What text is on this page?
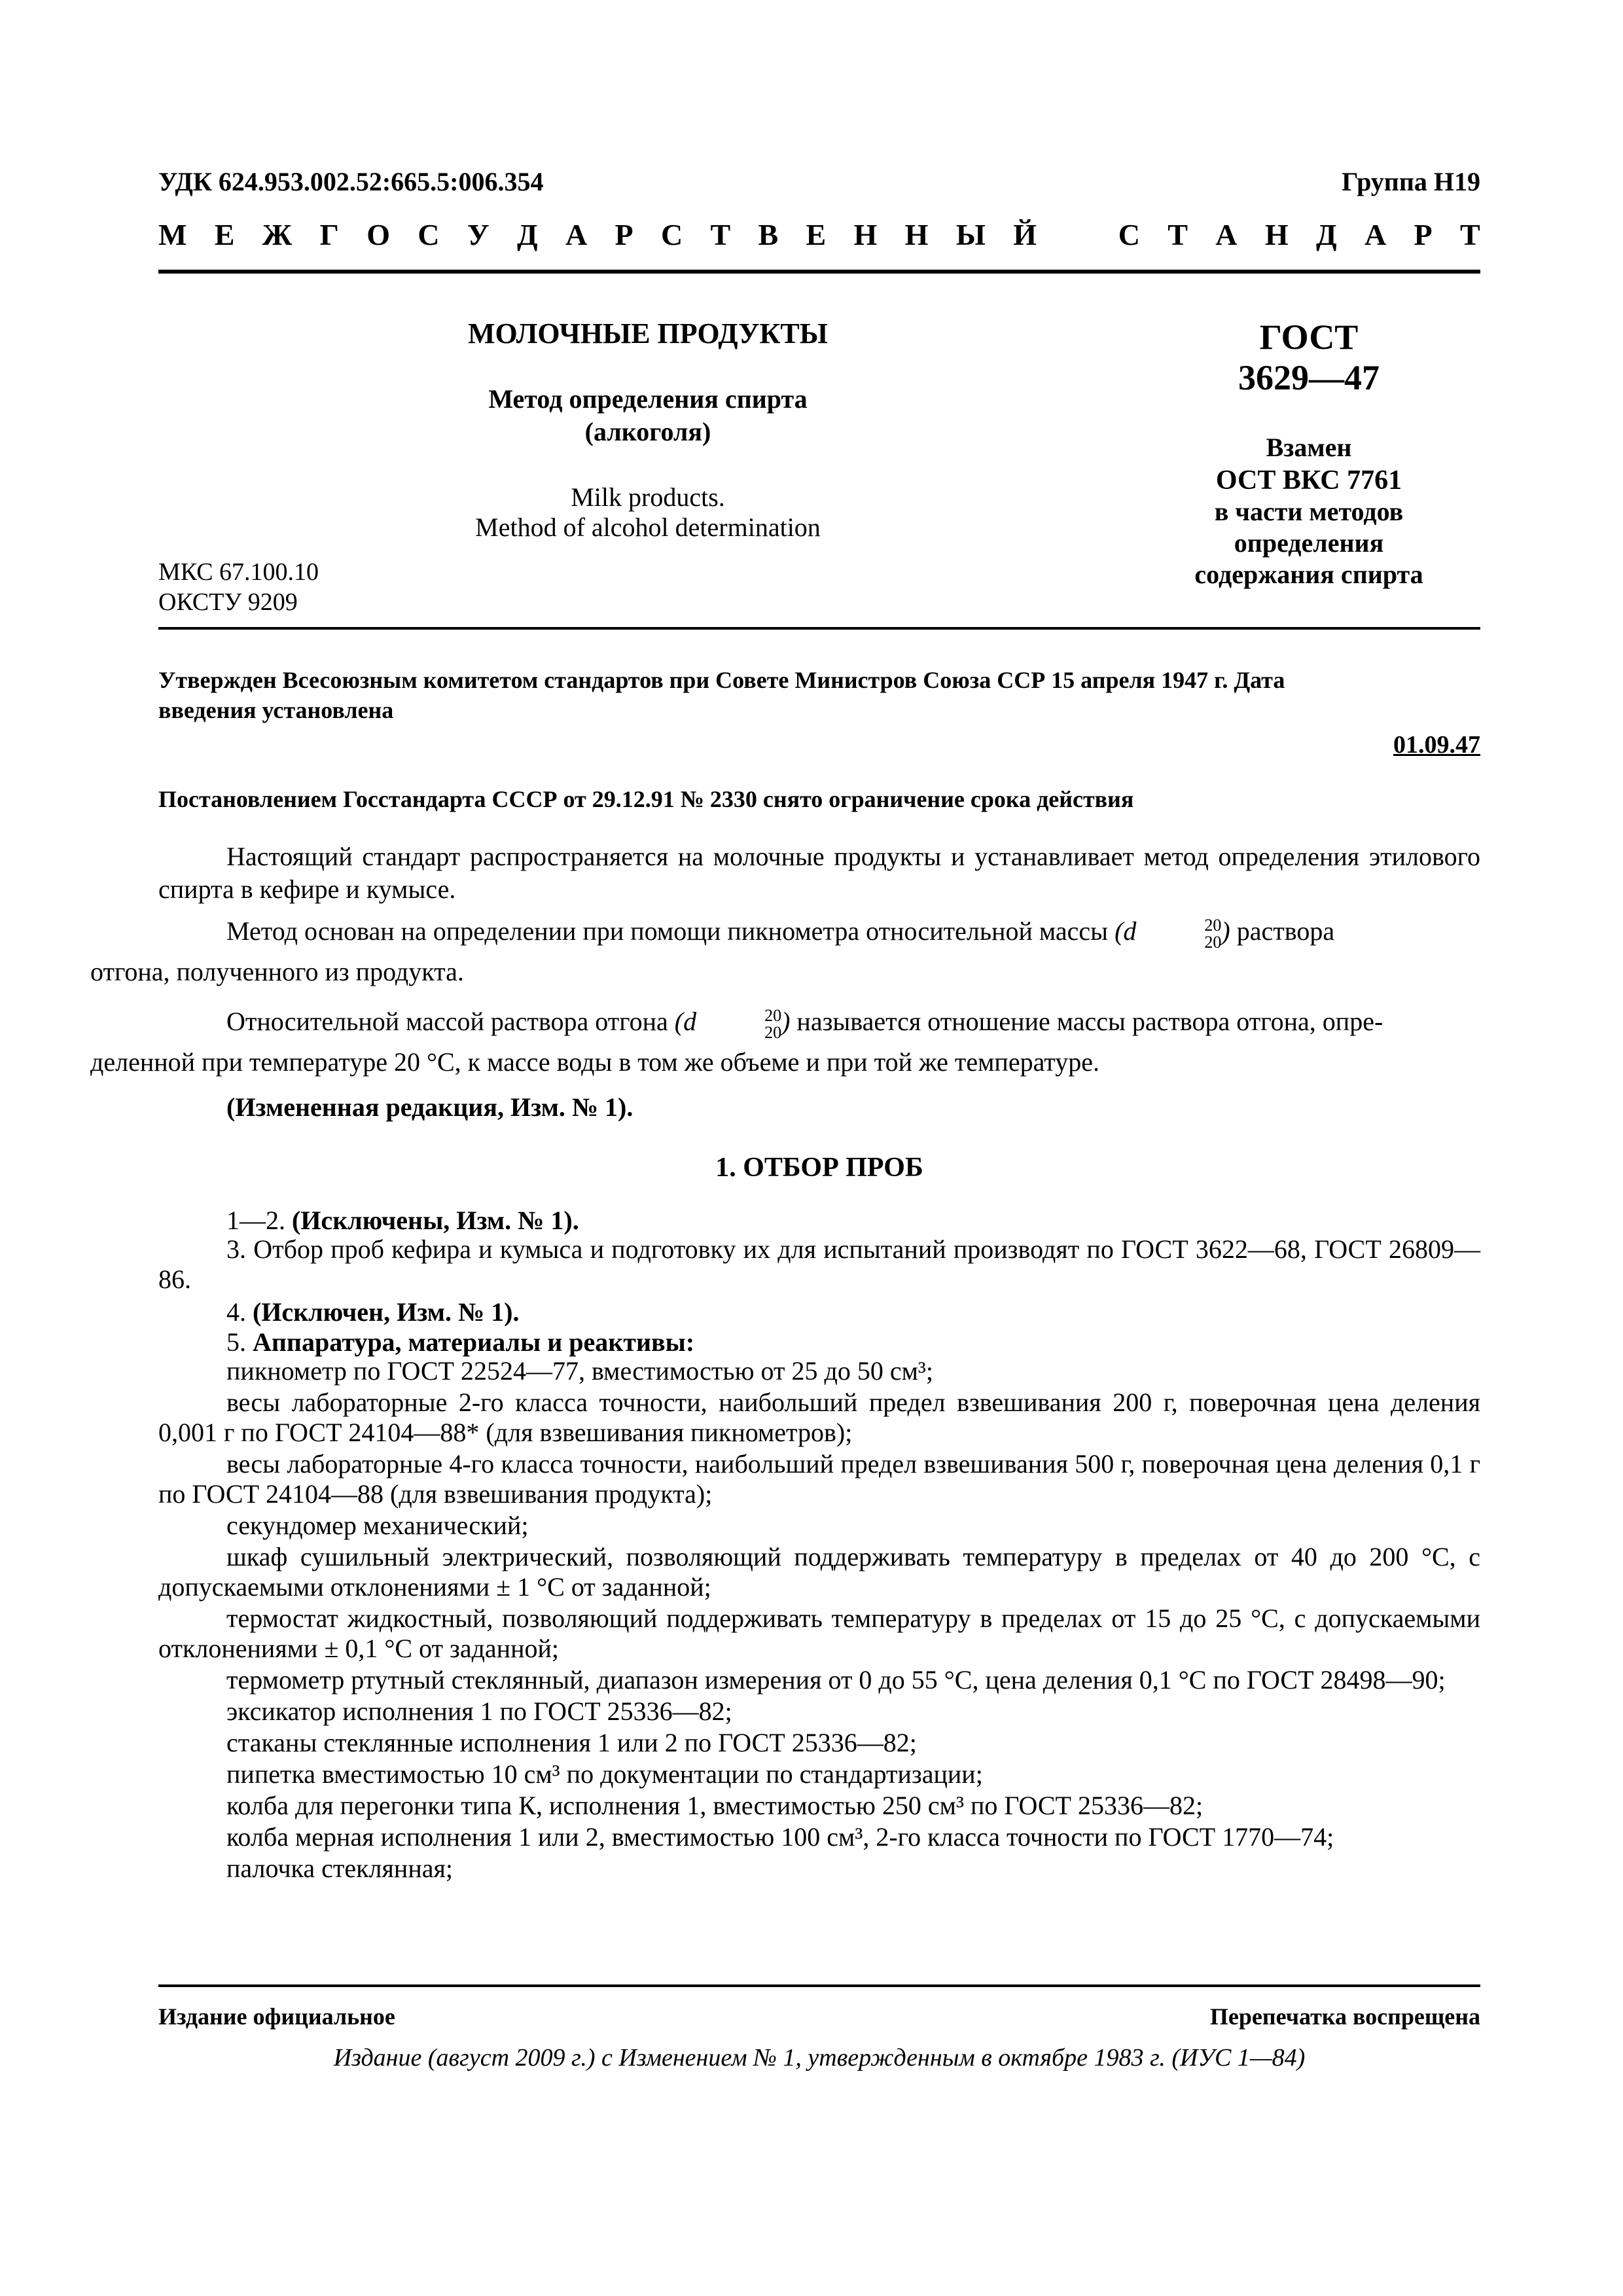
УДК 624.953.002.52:665.5:006.354	Группа Н19
М Е Ж Г О С У Д А Р С Т В Е Н Н Ы Й	С Т А Н Д А Р Т
МОЛОЧНЫЕ ПРОДУКТЫ
Метод определения спирта
(алкоголя)
Milk products.
Method of alcohol determination
МКС 67.100.10
ОКСТУ 9209
ГОСТ
3629—47
Взамен
ОСТ ВКС 7761
в части методов
определения
содержания спирта
Утвержден Всесоюзным комитетом стандартов при Совете Министров Союза ССР 15 апреля 1947 г. Дата
введения установлена
01.09.47
Постановлением Госстандарта СССР от 29.12.91 № 2330 снято ограничение срока действия
Настоящий стандарт распространяется на молочные продукты и устанавливает метод определения этилового спирта в кефире и кумысе.
Метод основан на определении при помощи пикнометра относительной массы (d	20
20 ) раствора
отгона, полученного из продукта.
Относительной массой раствора отгона (d	20
20 ) называется отношение массы раствора отгона, опре-
деленной при температуре 20 °С, к массе воды в том же объеме и при той же температуре.
(Измененная редакция, Изм. № 1).
1. ОТБОР ПРОБ
1—2. (Исключены, Изм. № 1).
3. Отбор проб кефира и кумыса и подготовку их для испытаний производят по ГОСТ 3622—68, ГОСТ 26809—86.
4. (Исключен, Изм. № 1).
5. Аппаратура, материалы и реактивы:
пикнометр по ГОСТ 22524—77, вместимостью от 25 до 50 см³;
весы лабораторные 2-го класса точности, наибольший предел взвешивания 200 г, поверочная цена деления 0,001 г по ГОСТ 24104—88* (для взвешивания пикнометров);
весы лабораторные 4-го класса точности, наибольший предел взвешивания 500 г, поверочная цена деления 0,1 г по ГОСТ 24104—88 (для взвешивания продукта);
секундомер механический;
шкаф сушильный электрический, позволяющий поддерживать температуру в пределах от 40 до 200 °С, с допускаемыми отклонениями ± 1 °С от заданной;
термостат жидкостный, позволяющий поддерживать температуру в пределах от 15 до 25 °С, с допускаемыми отклонениями ± 0,1 °С от заданной;
термометр ртутный стеклянный, диапазон измерения от 0 до 55 °С, цена деления 0,1 °С по ГОСТ 28498—90;
эксикатор исполнения 1 по ГОСТ 25336—82;
стаканы стеклянные исполнения 1 или 2 по ГОСТ 25336—82;
пипетка вместимостью 10 см³ по документации по стандартизации;
колба для перегонки типа К, исполнения 1, вместимостью 250 см³ по ГОСТ 25336—82;
колба мерная исполнения 1 или 2, вместимостью 100 см³, 2-го класса точности по ГОСТ 1770—74;
палочка стеклянная;
Издание официальное	Перепечатка воспрещена
Издание (август 2009 г.) с Изменением № 1, утвержденным в октябре 1983 г. (ИУС 1—84)
